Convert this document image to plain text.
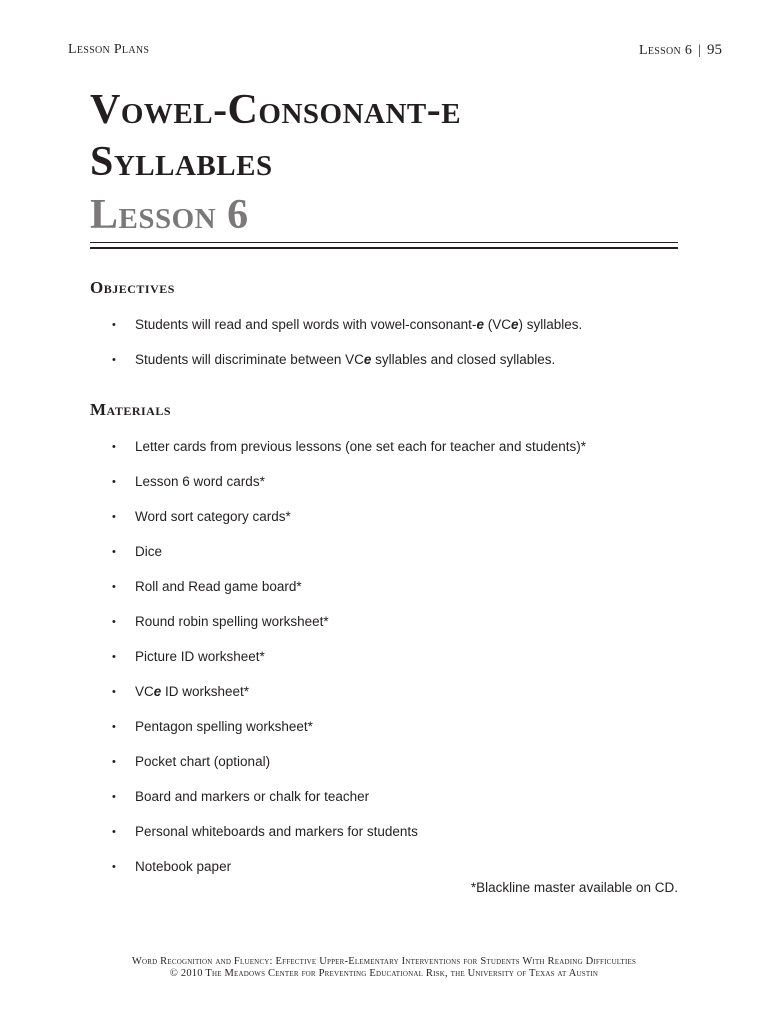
Lesson Plans	Lesson 6 | 95
Vowel-Consonant-e
Syllables
Lesson 6
Objectives
• Students will read and spell words with vowel-consonant-e (VCe) syllables.
• Students will discriminate between VCe syllables and closed syllables.
Materials
• Letter cards from previous lessons (one set each for teacher and students)*
• Lesson 6 word cards*
• Word sort category cards*
• Dice
• Roll and Read game board*
• Round robin spelling worksheet*
• Picture ID worksheet*
• VCe ID worksheet*
• Pentagon spelling worksheet*
• Pocket chart (optional)
• Board and markers or chalk for teacher
• Personal whiteboards and markers for students
• Notebook paper
*Blackline master available on CD.
Word Recognition and Fluency: Effective Upper-Elementary Interventions for Students With Reading Difficulties
© 2010 The Meadows Center for Preventing Educational Risk, the University of Texas at Austin
